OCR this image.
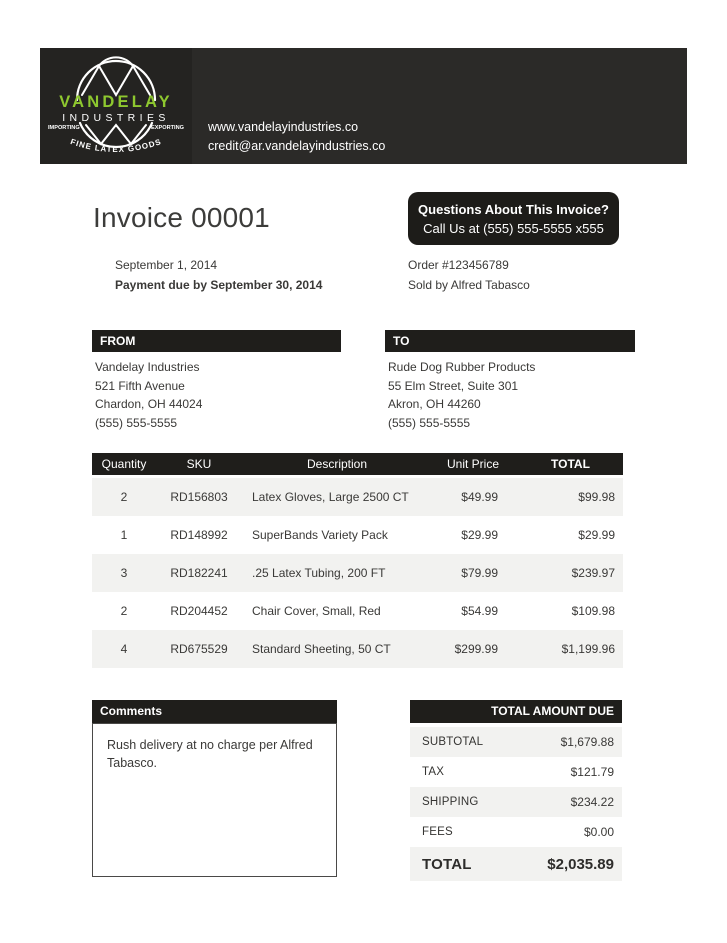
VANDELAY
INDUSTRIES
IMPORTING	EXPORTING
FINE LATEX GOODS
www.vandelayindustries.co
credit@ar.vandelayindustries.co
Invoice 00001	Questions About This Invoice?
Call Us at (555) 555-5555 x555
September 1, 2014
Payment due by September 30, 2014
Order #123456789
Sold by Alfred Tabasco
FROM	TO
Vandelay Industries
521 Fifth Avenue
Chardon, OH 44024
(555) 555-5555
Rude Dog Rubber Products
55 Elm Street, Suite 301
Akron, OH 44260
(555) 555-5555
Quantity	SKU	Description	Unit Price	TOTAL

2	RD156803	Latex Gloves, Large 2500 CT	$49.99	$99.98
1	RD148992	SuperBands Variety Pack	$29.99	$29.99
3	RD182241	.25 Latex Tubing, 200 FT	$79.99	$239.97
2	RD204452	Chair Cover, Small, Red	$54.99	$109.98
4	RD675529	Standard Sheeting, 50 CT	$299.99	$1,199.96
Comments
Rush delivery at no charge per Alfred Tabasco.
TOTAL AMOUNT DUE
SUBTOTAL	$1,679.88
TAX	$121.79
SHIPPING	$234.22
FEES	$0.00
TOTAL	$2,035.89
